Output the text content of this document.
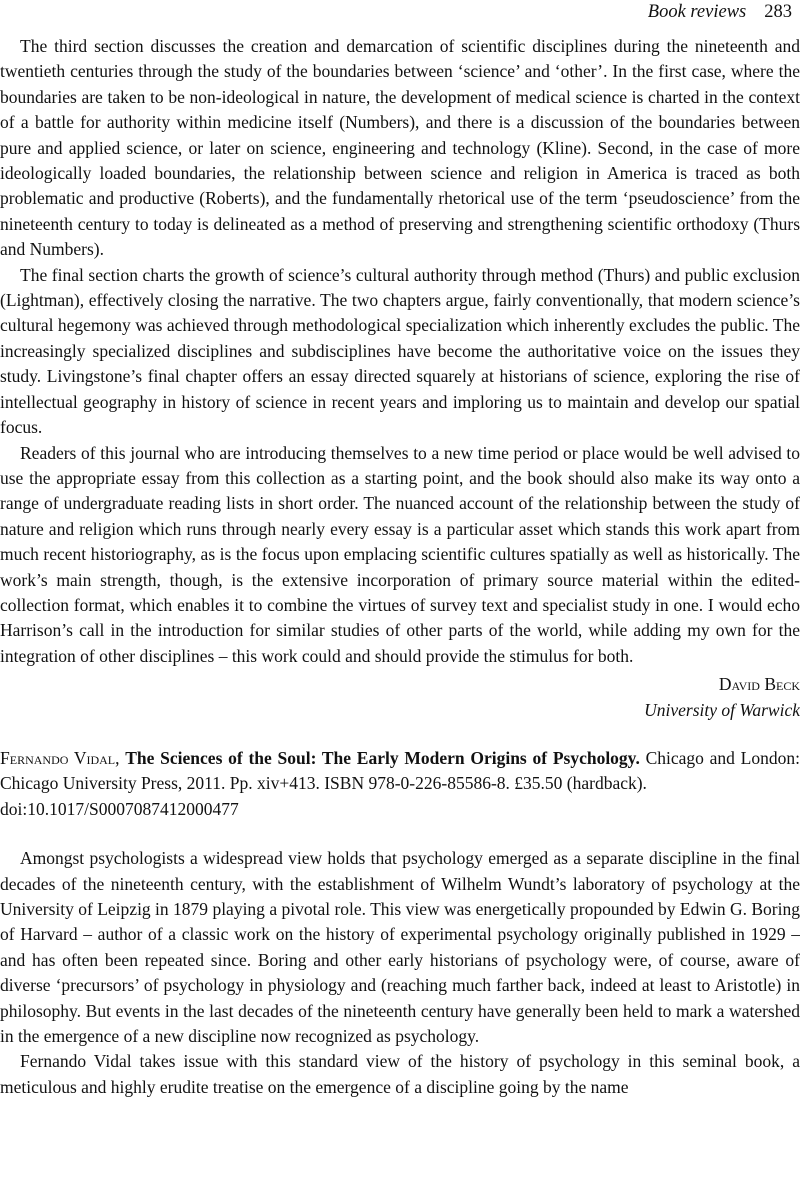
Book reviews 283

The third section discusses the creation and demarcation of scientific disciplines during the nineteenth and twentieth centuries through the study of the boundaries between ‘science’ and ‘other’. In the first case, where the boundaries are taken to be non-ideological in nature, the development of medical science is charted in the context of a battle for authority within medicine itself (Numbers), and there is a discussion of the boundaries between pure and applied science, or later on science, engineering and technology (Kline). Second, in the case of more ideologically loaded boundaries, the relationship between science and religion in America is traced as both problematic and productive (Roberts), and the fundamentally rhetorical use of the term ‘pseudoscience’ from the nineteenth century to today is delineated as a method of preserving and strengthening scientific orthodoxy (Thurs and Numbers).

The final section charts the growth of science’s cultural authority through method (Thurs) and public exclusion (Lightman), effectively closing the narrative. The two chapters argue, fairly conventionally, that modern science’s cultural hegemony was achieved through methodological specialization which inherently excludes the public. The increasingly specialized disciplines and subdisciplines have become the authoritative voice on the issues they study. Livingstone’s final chapter offers an essay directed squarely at historians of science, exploring the rise of intellectual geography in history of science in recent years and imploring us to maintain and develop our spatial focus.

Readers of this journal who are introducing themselves to a new time period or place would be well advised to use the appropriate essay from this collection as a starting point, and the book should also make its way onto a range of undergraduate reading lists in short order. The nuanced account of the relationship between the study of nature and religion which runs through nearly every essay is a particular asset which stands this work apart from much recent historiography, as is the focus upon emplacing scientific cultures spatially as well as historically. The work’s main strength, though, is the extensive incorporation of primary source material within the edited-collection format, which enables it to combine the virtues of survey text and specialist study in one. I would echo Harrison’s call in the introduction for similar studies of other parts of the world, while adding my own for the integration of other disciplines – this work could and should provide the stimulus for both.

David Beck
University of Warwick
Fernando Vidal, The Sciences of the Soul: The Early Modern Origins of Psychology. Chicago and London: Chicago University Press, 2011. Pp. xiv+413. ISBN 978-0-226-85586-8. £35.50 (hardback).
doi:10.1017/S0007087412000477

Amongst psychologists a widespread view holds that psychology emerged as a separate discipline in the final decades of the nineteenth century, with the establishment of Wilhelm Wundt’s laboratory of psychology at the University of Leipzig in 1879 playing a pivotal role. This view was energetically propounded by Edwin G. Boring of Harvard – author of a classic work on the history of experimental psychology originally published in 1929 – and has often been repeated since. Boring and other early historians of psychology were, of course, aware of diverse ‘precursors’ of psychology in physiology and (reaching much farther back, indeed at least to Aristotle) in philosophy. But events in the last decades of the nineteenth century have generally been held to mark a watershed in the emergence of a new discipline now recognized as psychology.

Fernando Vidal takes issue with this standard view of the history of psychology in this seminal book, a meticulous and highly erudite treatise on the emergence of a discipline going by the name
